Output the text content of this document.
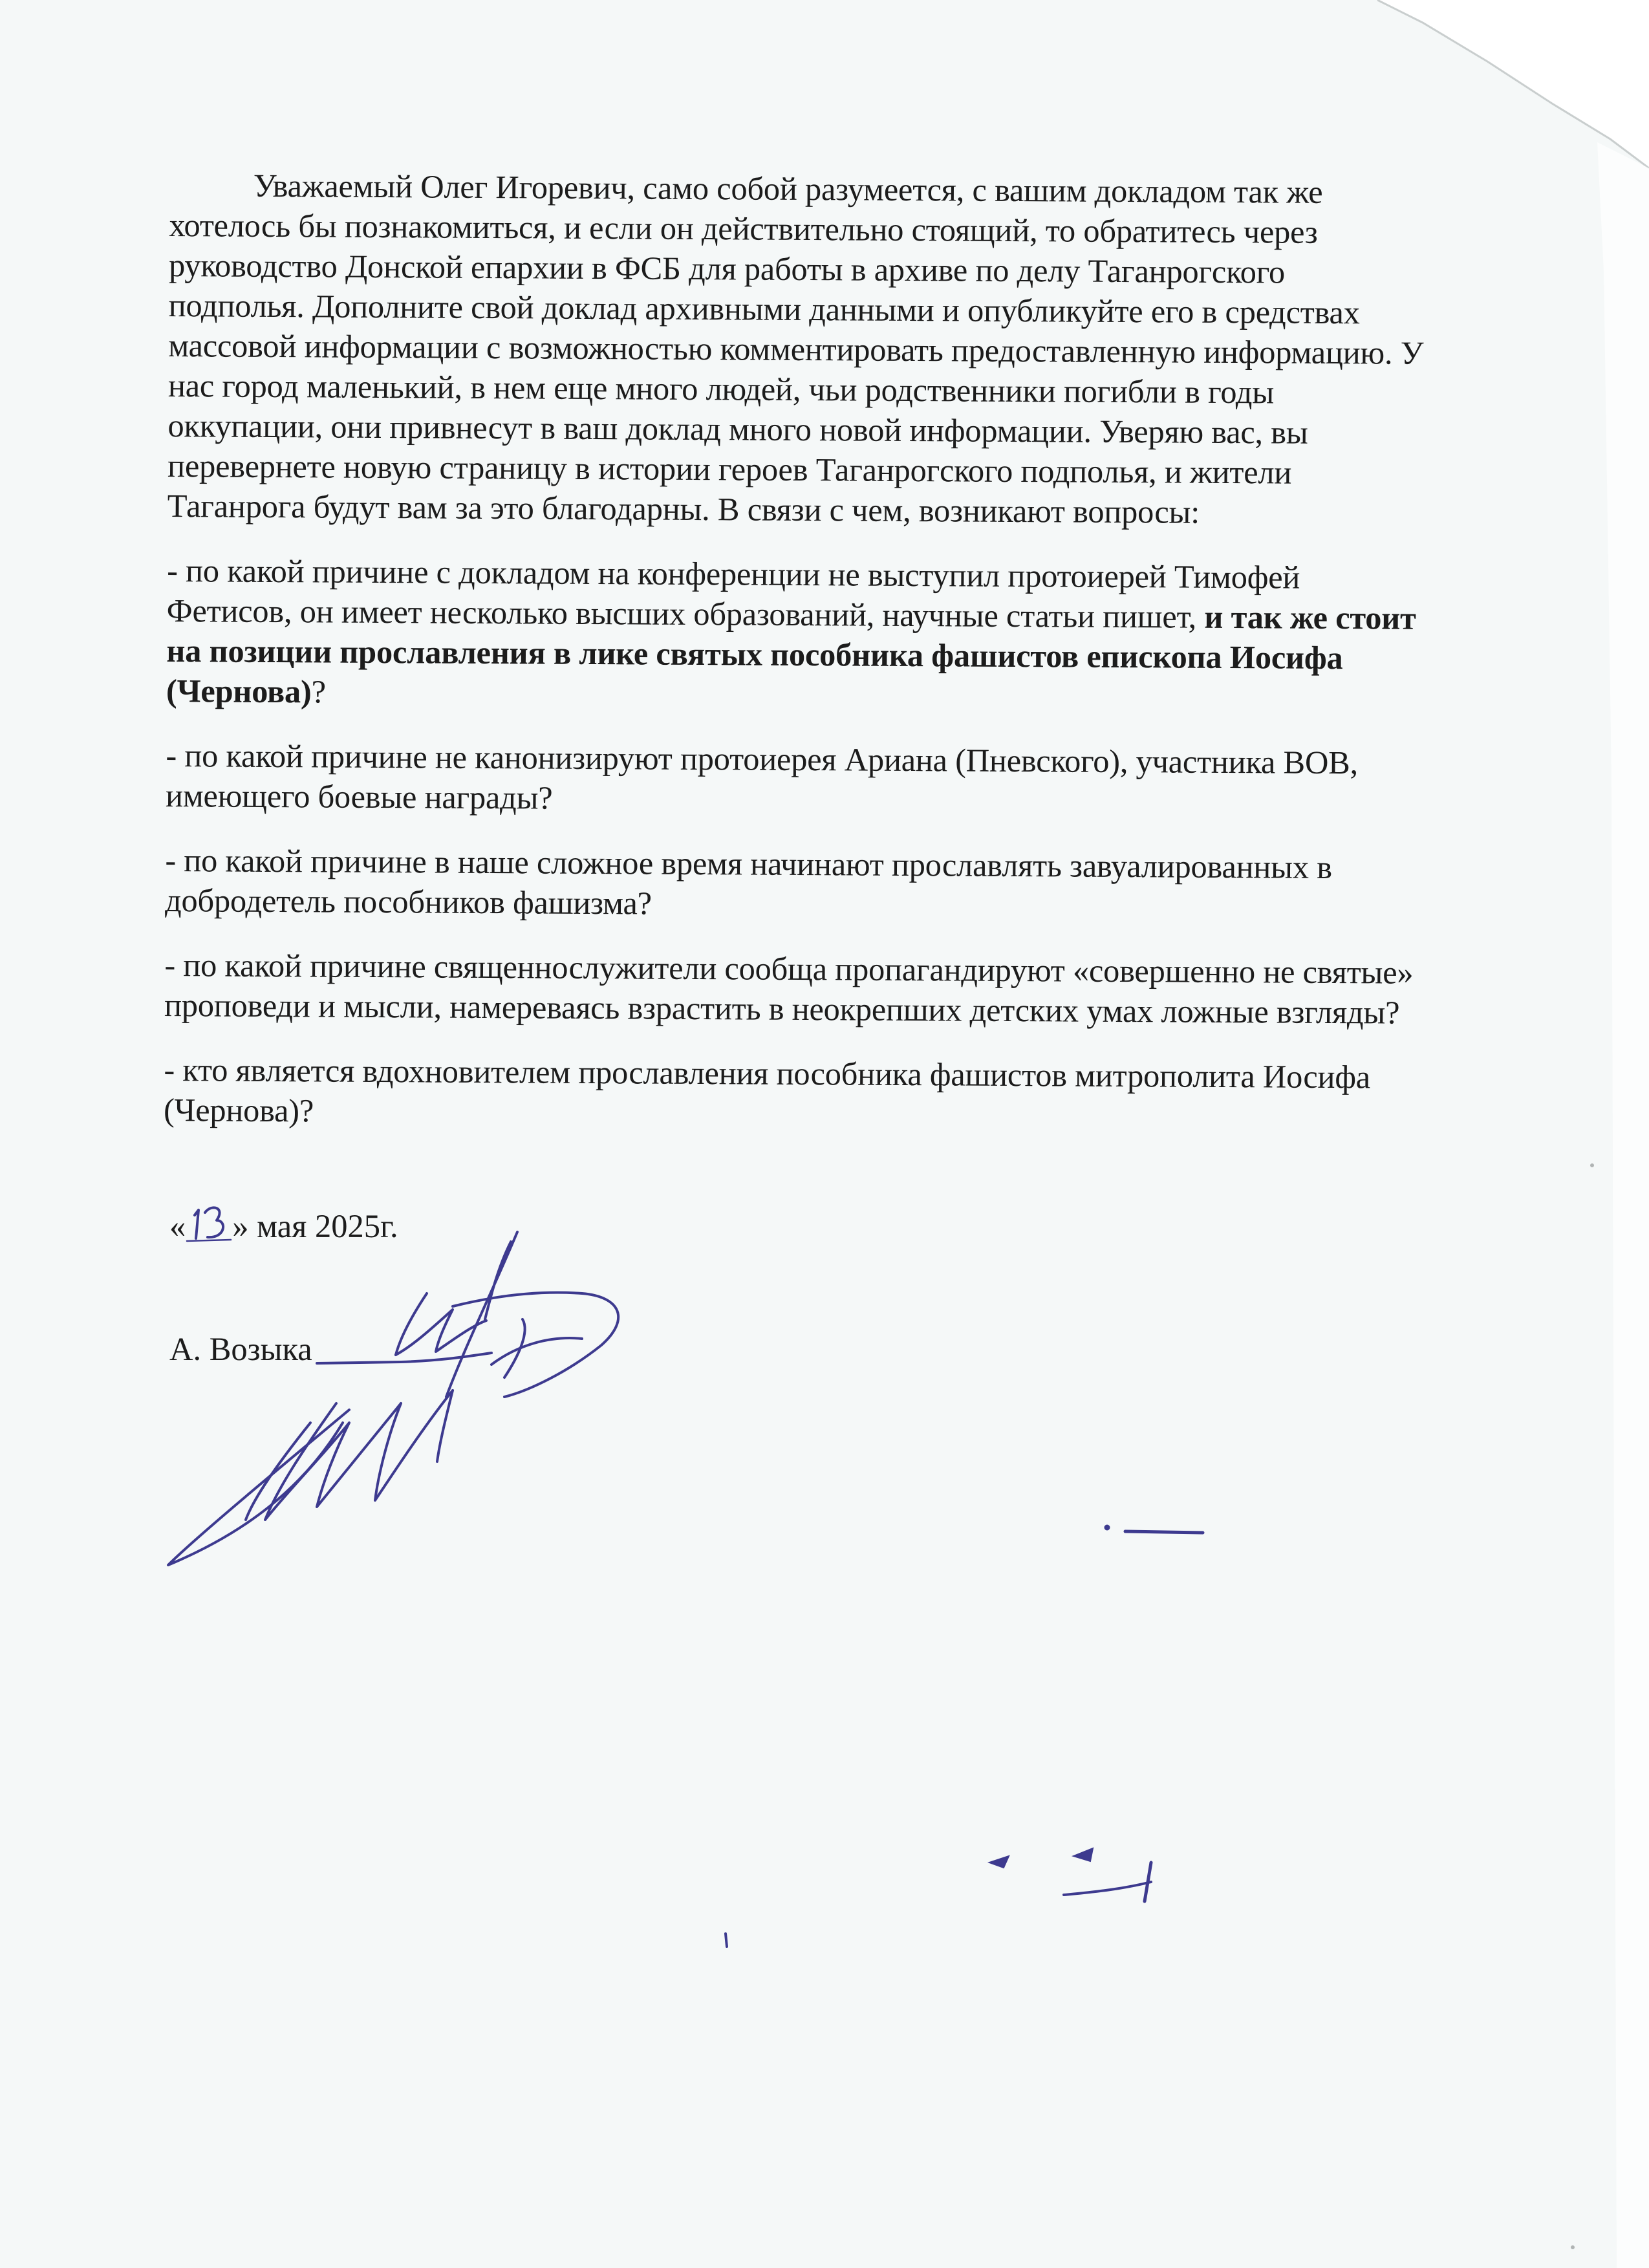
Уважаемый Олег Игоревич, само собой разумеется, с вашим докладом так же
хотелось бы познакомиться, и если он действительно стоящий, то обратитесь через
руководство Донской епархии в ФСБ для работы в архиве по делу Таганрогского
подполья. Дополните свой доклад архивными данными и опубликуйте его в средствах
массовой информации с возможностью комментировать предоставленную информацию. У
нас город маленький, в нем еще много людей, чьи родственники погибли в годы
оккупации, они привнесут в ваш доклад много новой информации. Уверяю вас, вы
перевернете новую страницу в истории героев Таганрогского подполья, и жители
Таганрога будут вам за это благодарны. В связи с чем, возникают вопросы:

- по какой причине с докладом на конференции не выступил протоиерей Тимофей
Фетисов, он имеет несколько высших образований, научные статьи пишет, и так же стоит
на позиции прославления в лике святых пособника фашистов епископа Иосифа
(Чернова)?

- по какой причине не канонизируют протоиерея Ариана (Пневского), участника ВОВ,
имеющего боевые награды?

- по какой причине в наше сложное время начинают прославлять завуалированных в
добродетель пособников фашизма?

- по какой причине священнослужители сообща пропагандируют «совершенно не святые»
проповеди и мысли, намереваясь взрастить в неокрепших детских умах ложные взгляды?

- кто является вдохновителем прославления пособника фашистов митрополита Иосифа
(Чернова)?

« » мая 2025г.
А. Возыка
